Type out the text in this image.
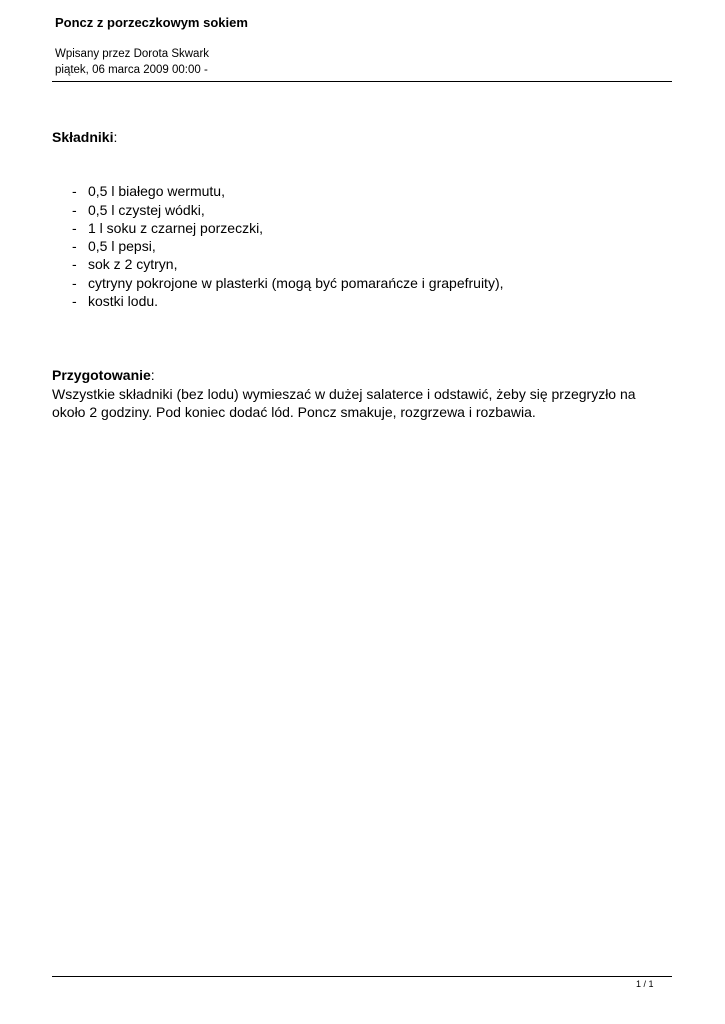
Poncz z porzeczkowym sokiem
Wpisany przez Dorota Skwark
piątek, 06 marca 2009 00:00 -

Składniki:

- 0,5 l białego wermutu,
- 0,5 l czystej wódki,
- 1 l soku z czarnej porzeczki,
- 0,5 l pepsi,
- sok z 2 cytryn,
- cytryny pokrojone w plasterki (mogą być pomarańcze i grapefruity),
- kostki lodu.

Przygotowanie:

Wszystkie składniki (bez lodu) wymieszać w dużej salaterce i odstawić, żeby się przegryzło na około 2 godziny. Pod koniec dodać lód. Poncz smakuje, rozgrzewa i rozbawia.

1 / 1
